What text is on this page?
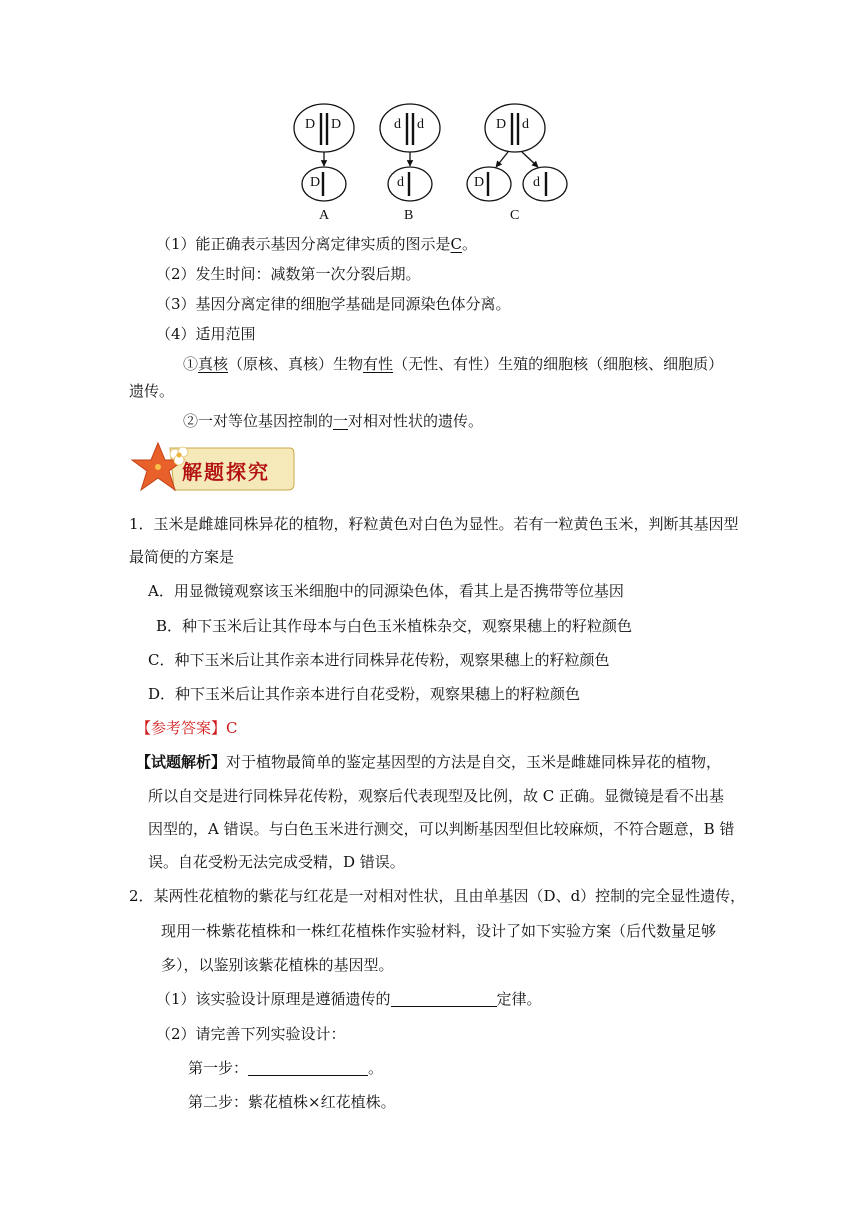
D D
D
d d
d
D d
D	d
A	B	C
（1）能正确表示基因分离定律实质的图示是C。
（2）发生时间：减数第一次分裂后期。
（3）基因分离定律的细胞学基础是同源染色体分离。
（4）适用范围
①真核（原核、真核）生物有性（无性、有性）生殖的细胞核（细胞核、细胞质）
遗传。
②一对等位基因控制的一对相对性状的遗传。
解题探究
1．玉米是雌雄同株异花的植物，籽粒黄色对白色为显性。若有一粒黄色玉米，判断其基因型
最简便的方案是
A．用显微镜观察该玉米细胞中的同源染色体，看其上是否携带等位基因
B．种下玉米后让其作母本与白色玉米植株杂交，观察果穗上的籽粒颜色
C．种下玉米后让其作亲本进行同株异花传粉，观察果穗上的籽粒颜色
D．种下玉米后让其作亲本进行自花受粉，观察果穗上的籽粒颜色
【参考答案】C
【试题解析】对于植物最简单的鉴定基因型的方法是自交，玉米是雌雄同株异花的植物，
所以自交是进行同株异花传粉，观察后代表现型及比例，故 C 正确。显微镜是看不出基
因型的，A 错误。与白色玉米进行测交，可以判断基因型但比较麻烦，不符合题意，B 错
误。自花受粉无法完成受精，D 错误。
2．某两性花植物的紫花与红花是一对相对性状，且由单基因（D、d）控制的完全显性遗传，
现用一株紫花植株和一株红花植株作实验材料，设计了如下实验方案（后代数量足够
多），以鉴别该紫花植株的基因型。
（1）该实验设计原理是遵循遗传的	定律。
（2）请完善下列实验设计：
第一步：	。
第二步：紫花植株×红花植株。
